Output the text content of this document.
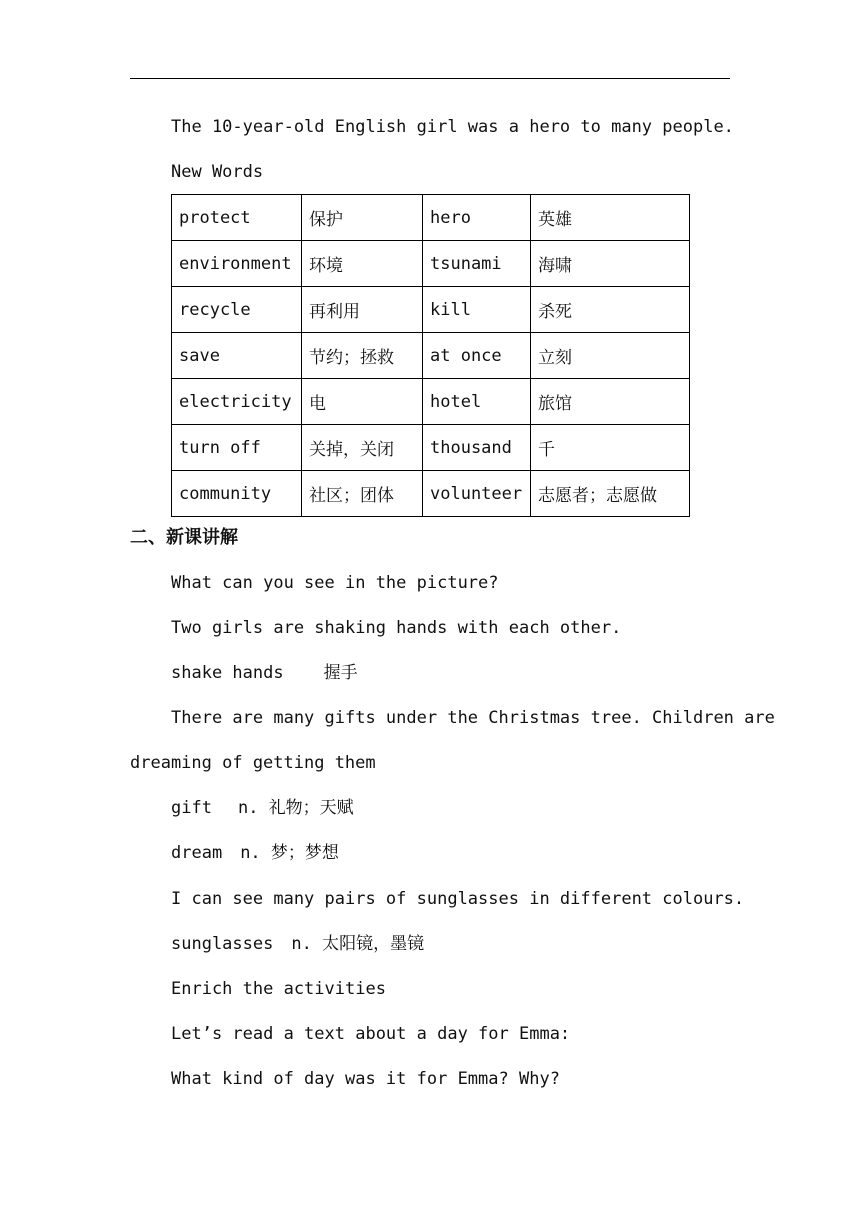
The 10-year-old English girl was a hero to many people.
New Words
protect	保护	hero	英雄
environment	环境	tsunami	海啸
recycle	再利用	kill	杀死
save	节约；拯救	at once	立刻
electricity	电	hotel	旅馆
turn off	关掉，关闭	thousand	千
community	社区；团体	volunteer	志愿者；志愿做
二、新课讲解
What can you see in the picture?
Two girls are shaking hands with each other.
shake hands 握手
There are many gifts under the Christmas tree. Children are
dreaming of getting them
gift n. 礼物；天赋
dream n. 梦；梦想
I can see many pairs of sunglasses in different colours.
sunglasses n. 太阳镜，墨镜
Enrich the activities
Let’s read a text about a day for Emma:
What kind of day was it for Emma? Why?
